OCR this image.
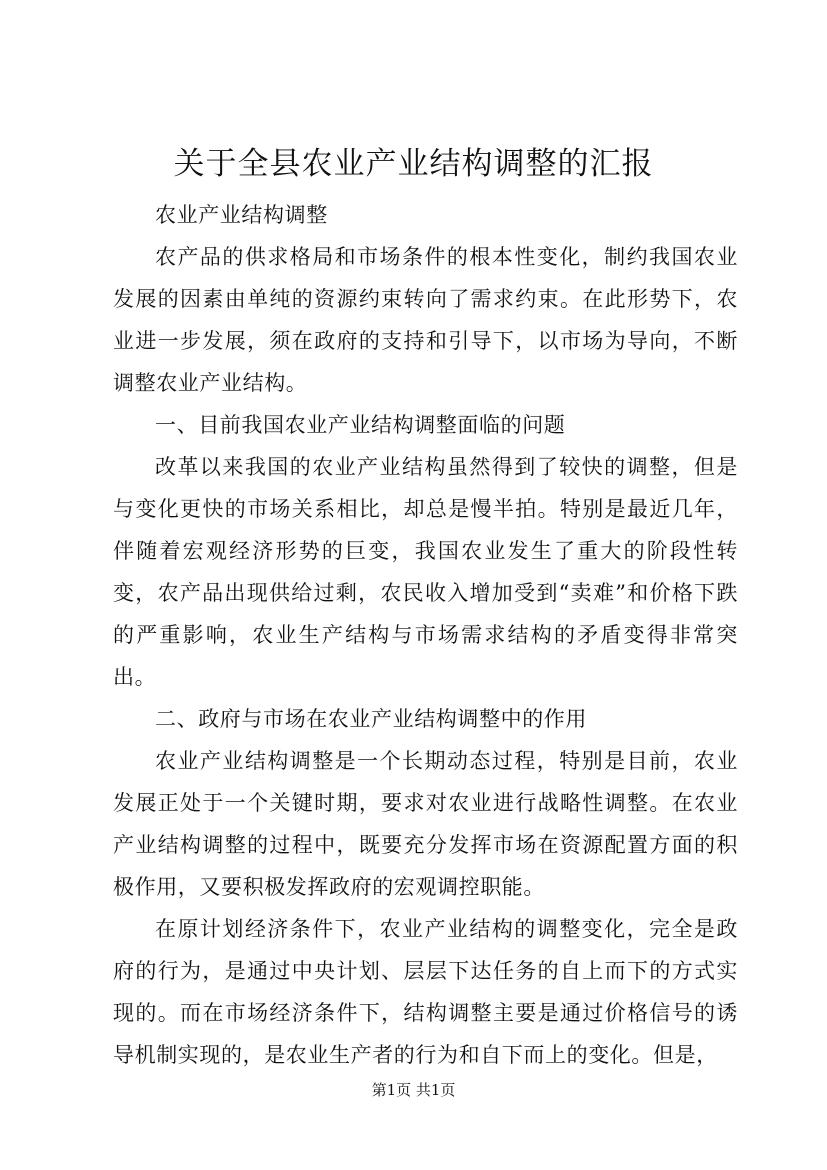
关于全县农业产业结构调整的汇报

农业产业结构调整

农产品的供求格局和市场条件的根本性变化，制约我国农业发展的因素由单纯的资源约束转向了需求约束。在此形势下，农业进一步发展，须在政府的支持和引导下，以市场为导向，不断调整农业产业结构。

一、目前我国农业产业结构调整面临的问题

改革以来我国的农业产业结构虽然得到了较快的调整，但是与变化更快的市场关系相比，却总是慢半拍。特别是最近几年，伴随着宏观经济形势的巨变，我国农业发生了重大的阶段性转变，农产品出现供给过剩，农民收入增加受到“卖难”和价格下跌的严重影响，农业生产结构与市场需求结构的矛盾变得非常突出。

二、政府与市场在农业产业结构调整中的作用

农业产业结构调整是一个长期动态过程，特别是目前，农业发展正处于一个关键时期，要求对农业进行战略性调整。在农业产业结构调整的过程中，既要充分发挥市场在资源配置方面的积极作用，又要积极发挥政府的宏观调控职能。

在原计划经济条件下，农业产业结构的调整变化，完全是政府的行为，是通过中央计划、层层下达任务的自上而下的方式实现的。而在市场经济条件下，结构调整主要是通过价格信号的诱导机制实现的，是农业生产者的行为和自下而上的变化。但是，

第1页 共1页
